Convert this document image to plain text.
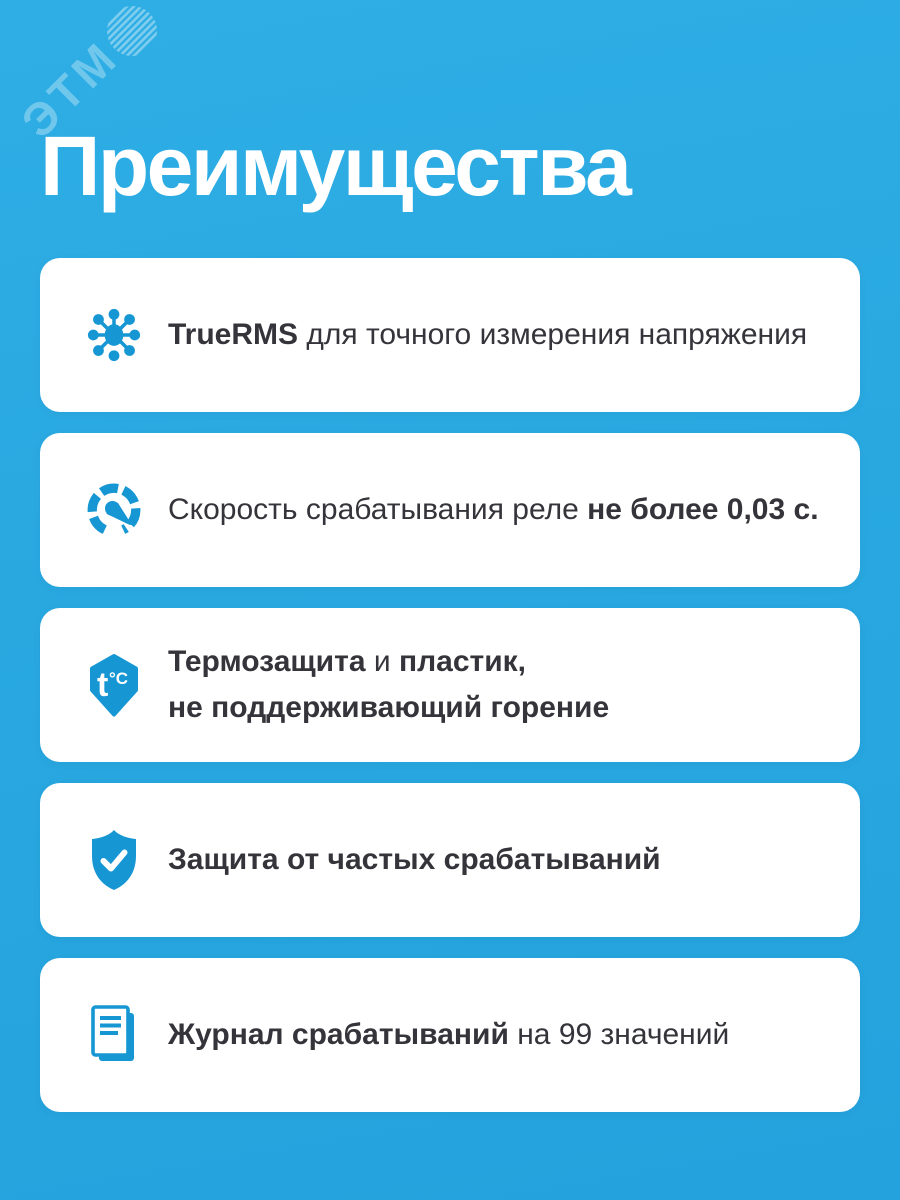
ЭТМ
Преимущества
TrueRMS для точного измерения напряжения
Скорость срабатывания реле не более 0,03 с.
t °C
Термозащита и пластик,
не поддерживающий горение
Защита от частых срабатываний
Журнал срабатываний на 99 значений
